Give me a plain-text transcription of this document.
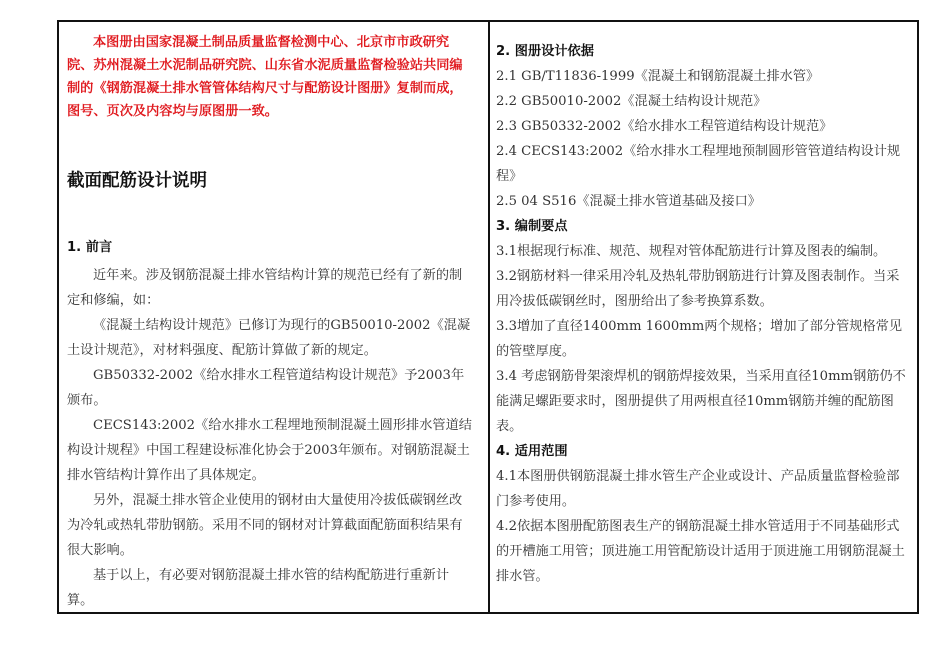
本图册由国家混凝土制品质量监督检测中心、北京市市政研究院、苏州混凝土水泥制品研究院、山东省水泥质量监督检验站共同编制的《钢筋混凝土排水管管体结构尺寸与配筋设计图册》复制而成，图号、页次及内容均与原图册一致。

截面配筋设计说明

1. 前言

近年来。涉及钢筋混凝土排水管结构计算的规范已经有了新的制定和修编，如：

《混凝土结构设计规范》已修订为现行的GB50010-2002《混凝土设计规范》，对材料强度、配筋计算做了新的规定。

GB50332-2002《给水排水工程管道结构设计规范》予2003年颁布。

CECS143:2002《给水排水工程埋地预制混凝土圆形排水管道结构设计规程》中国工程建设标准化协会于2003年颁布。对钢筋混凝土排水管结构计算作出了具体规定。

另外，混凝土排水管企业使用的钢材由大量使用冷拔低碳钢丝改为冷轧或热轧带肋钢筋。采用不同的钢材对计算截面配筋面积结果有很大影响。

基于以上，有必要对钢筋混凝土排水管的结构配筋进行重新计算。

2. 图册设计依据

2.1 GB/T11836-1999《混凝土和钢筋混凝土排水管》

2.2 GB50010-2002《混凝土结构设计规范》

2.3 GB50332-2002《给水排水工程管道结构设计规范》

2.4 CECS143:2002《给水排水工程埋地预制圆形管管道结构设计规程》

2.5 04 S516《混凝土排水管道基础及接口》

3. 编制要点

3.1根据现行标准、规范、规程对管体配筋进行计算及图表的编制。

3.2钢筋材料一律采用冷轧及热轧带肋钢筋进行计算及图表制作。当采用冷拔低碳钢丝时，图册给出了参考换算系数。

3.3增加了直径1400mm 1600mm两个规格；增加了部分管规格常见的管壁厚度。

3.4 考虑钢筋骨架滚焊机的钢筋焊接效果，当采用直径10mm钢筋仍不能满足螺距要求时，图册提供了用两根直径10mm钢筋并缠的配筋图表。

4. 适用范围

4.1本图册供钢筋混凝土排水管生产企业或设计、产品质量监督检验部门参考使用。

4.2依据本图册配筋图表生产的钢筋混凝土排水管适用于不同基础形式的开槽施工用管；顶进施工用管配筋设计适用于顶进施工用钢筋混凝土排水管。
